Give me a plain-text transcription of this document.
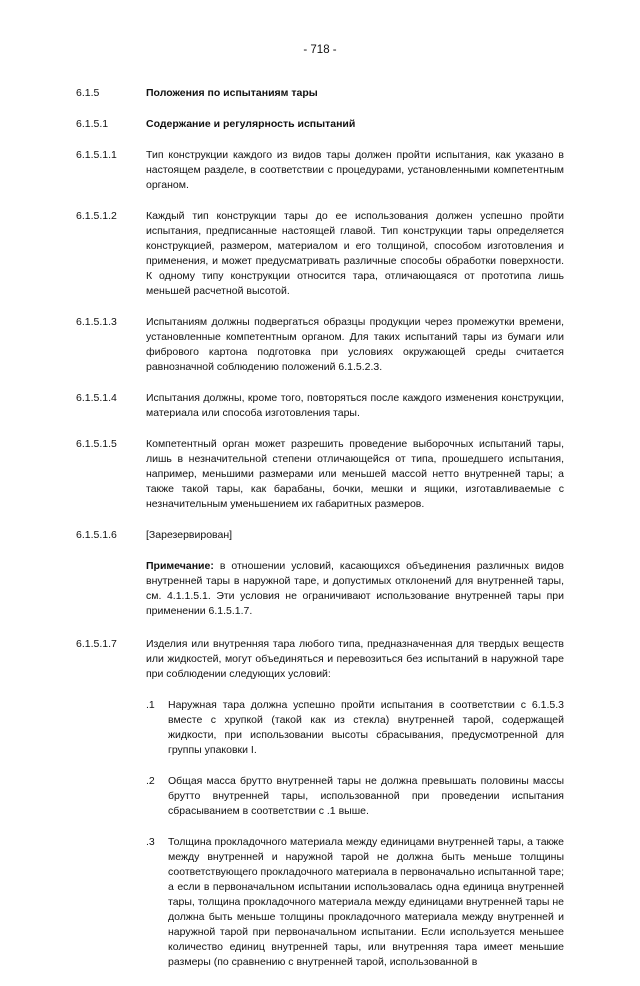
- 718 -
6.1.5	Положения по испытаниям тары
6.1.5.1	Содержание и регулярность испытаний
6.1.5.1.1	Тип конструкции каждого из видов тары должен пройти испытания, как указано в настоящем разделе, в соответствии с процедурами, установленными компетентным органом.
6.1.5.1.2	Каждый тип конструкции тары до ее использования должен успешно пройти испытания, предписанные настоящей главой. Тип конструкции тары определяется конструкцией, размером, материалом и его толщиной, способом изготовления и применения, и может предусматривать различные способы обработки поверхности. К одному типу конструкции относится тара, отличающаяся от прототипа лишь меньшей расчетной высотой.
6.1.5.1.3	Испытаниям должны подвергаться образцы продукции через промежутки времени, установленные компетентным органом. Для таких испытаний тары из бумаги или фибрового картона подготовка при условиях окружающей среды считается равнозначной соблюдению положений 6.1.5.2.3.
6.1.5.1.4	Испытания должны, кроме того, повторяться после каждого изменения конструкции, материала или способа изготовления тары.
6.1.5.1.5	Компетентный орган может разрешить проведение выборочных испытаний тары, лишь в незначительной степени отличающейся от типа, прошедшего испытания, например, меньшими размерами или меньшей массой нетто внутренней тары; а также такой тары, как барабаны, бочки, мешки и ящики, изготавливаемые с незначительным уменьшением их габаритных размеров.
6.1.5.1.6	[Зарезервирован]
Примечание: в отношении условий, касающихся объединения различных видов внутренней тары в наружной таре, и допустимых отклонений для внутренней тары, см. 4.1.1.5.1. Эти условия не ограничивают использование внутренней тары при применении 6.1.5.1.7.
6.1.5.1.7	Изделия или внутренняя тара любого типа, предназначенная для твердых веществ или жидкостей, могут объединяться и перевозиться без испытаний в наружной таре при соблюдении следующих условий:
.1	Наружная тара должна успешно пройти испытания в соответствии с 6.1.5.3 вместе с хрупкой (такой как из стекла) внутренней тарой, содержащей жидкости, при использовании высоты сбрасывания, предусмотренной для группы упаковки I.
.2	Общая масса брутто внутренней тары не должна превышать половины массы брутто внутренней тары, использованной при проведении испытания сбрасыванием в соответствии с .1 выше.
.3	Толщина прокладочного материала между единицами внутренней тары, а также между внутренней и наружной тарой не должна быть меньше толщины соответствующего прокладочного материала в первоначально испытанной таре; а если в первоначальном испытании использовалась одна единица внутренней тары, толщина прокладочного материала между единицами внутренней тары не должна быть меньше толщины прокладочного материала между внутренней и наружной тарой при первоначальном испытании. Если используется меньшее количество единиц внутренней тары, или внутренняя тара имеет меньшие размеры (по сравнению с внутренней тарой, использованной в
